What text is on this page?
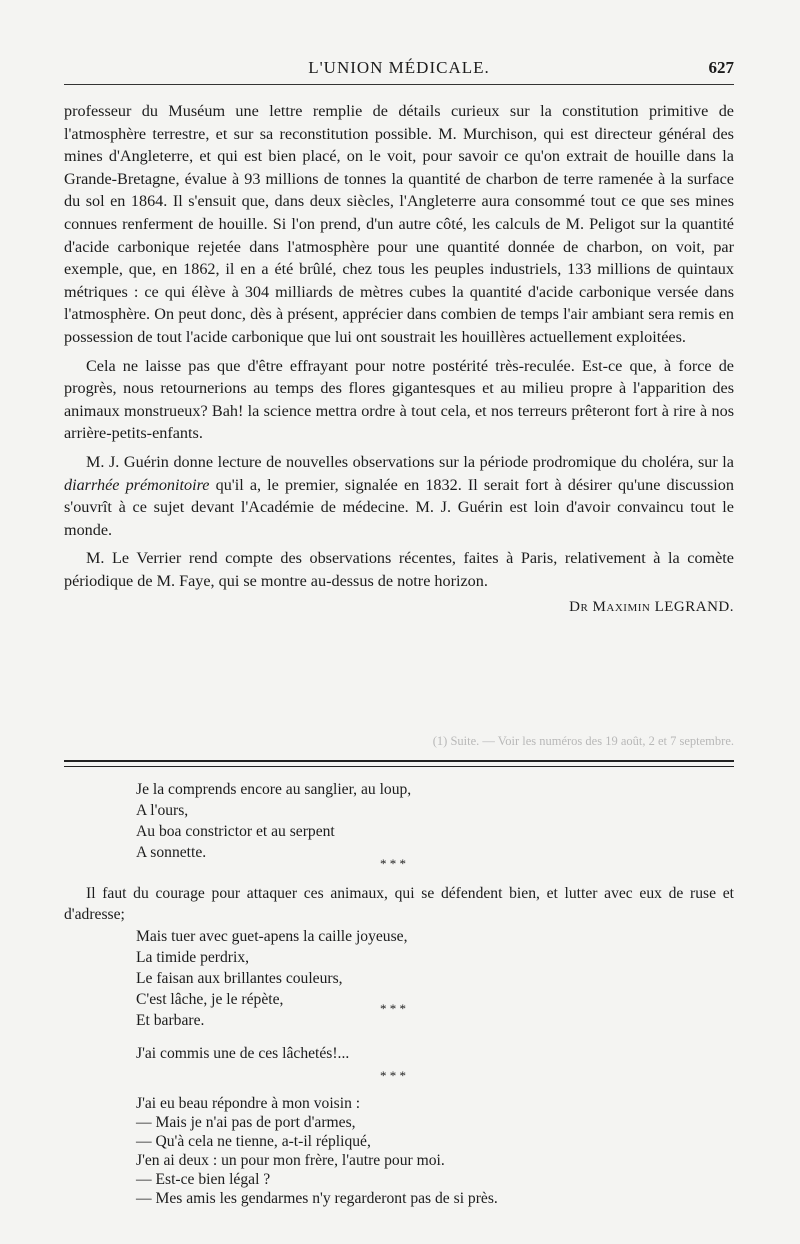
L'UNION MÉDICALE.	627

professeur du Muséum une lettre remplie de détails curieux sur la constitution primitive de l'atmosphère terrestre, et sur sa reconstitution possible. M. Murchison, qui est directeur général des mines d'Angleterre, et qui est bien placé, on le voit, pour savoir ce qu'on extrait de houille dans la Grande-Bretagne, évalue à 93 millions de tonnes la quantité de charbon de terre ramenée à la surface du sol en 1864. Il s'ensuit que, dans deux siècles, l'Angleterre aura consommé tout ce que ses mines connues renferment de houille. Si l'on prend, d'un autre côté, les calculs de M. Peligot sur la quantité d'acide carbonique rejetée dans l'atmosphère pour une quantité donnée de charbon, on voit, par exemple, que, en 1862, il en a été brûlé, chez tous les peuples industriels, 133 millions de quintaux métriques : ce qui élève à 304 milliards de mètres cubes la quantité d'acide carbonique versée dans l'atmosphère. On peut donc, dès à présent, apprécier dans combien de temps l'air ambiant sera remis en possession de tout l'acide carbonique que lui ont soustrait les houillères actuellement exploitées.

Cela ne laisse pas que d'être effrayant pour notre postérité très-reculée. Est-ce que, à force de progrès, nous retournerions au temps des flores gigantesques et au milieu propre à l'apparition des animaux monstrueux? Bah! la science mettra ordre à tout cela, et nos terreurs prêteront fort à rire à nos arrière-petits-enfants.

M. J. Guérin donne lecture de nouvelles observations sur la période prodromique du choléra, sur la diarrhée prémonitoire qu'il a, le premier, signalée en 1832. Il serait fort à désirer qu'une discussion s'ouvrît à ce sujet devant l'Académie de médecine. M. J. Guérin est loin d'avoir convaincu tout le monde.

M. Le Verrier rend compte des observations récentes, faites à Paris, relativement à la comète périodique de M. Faye, qui se montre au-dessus de notre horizon.

Dr Maximin LEGRAND.
(1) Suite. — Voir les numéros des 19 août, 2 et 7 septembre.
Je la comprends encore au sanglier, au loup,
A l'ours,
Au boa constrictor et au serpent
A sonnette.
* * *
Il faut du courage pour attaquer ces animaux, qui se défendent bien, et lutter avec eux de ruse et d'adresse;
Mais tuer avec guet-apens la caille joyeuse,
La timide perdrix,
Le faisan aux brillantes couleurs,
C'est lâche, je le répète,
Et barbare.
* * *
J'ai commis une de ces lâchetés!...
* * *
J'ai eu beau répondre à mon voisin :
— Mais je n'ai pas de port d'armes,
— Qu'à cela ne tienne, a-t-il répliqué,
J'en ai deux : un pour mon frère, l'autre pour moi.
— Est-ce bien légal ?
— Mes amis les gendarmes n'y regarderont pas de si près.
